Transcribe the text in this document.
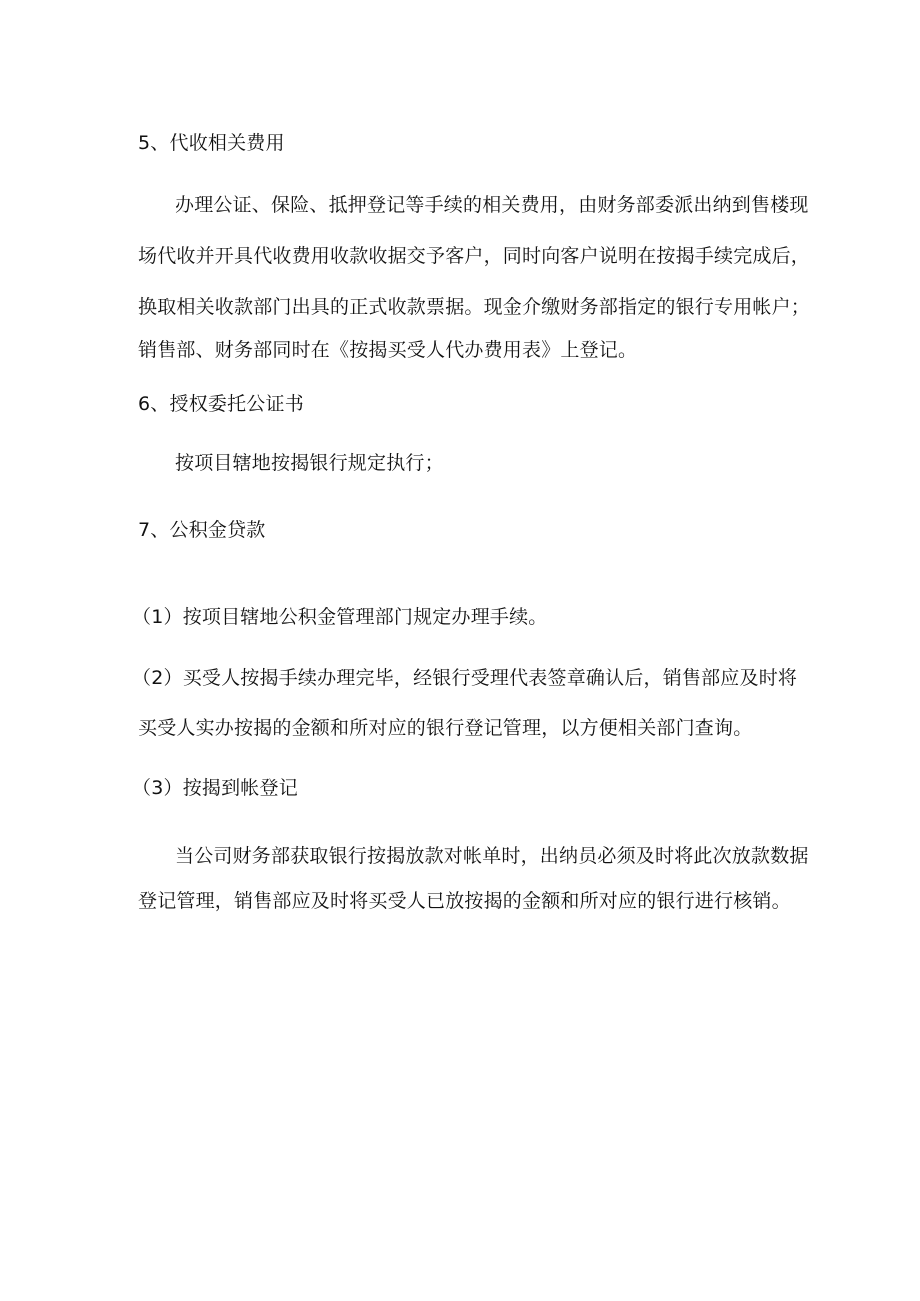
5、代收相关费用
办理公证、保险、抵押登记等手续的相关费用，由财务部委派出纳到售楼现
场代收并开具代收费用收款收据交予客户，同时向客户说明在按揭手续完成后，
换取相关收款部门出具的正式收款票据。现金介缴财务部指定的银行专用帐户；
销售部、财务部同时在《按揭买受人代办费用表》上登记。
6、授权委托公证书
按项目辖地按揭银行规定执行；
7、公积金贷款
（1）按项目辖地公积金管理部门规定办理手续。
（2）买受人按揭手续办理完毕，经银行受理代表签章确认后，销售部应及时将
买受人实办按揭的金额和所对应的银行登记管理，以方便相关部门查询。
（3）按揭到帐登记
当公司财务部获取银行按揭放款对帐单时，出纳员必须及时将此次放款数据
登记管理，销售部应及时将买受人已放按揭的金额和所对应的银行进行核销。
